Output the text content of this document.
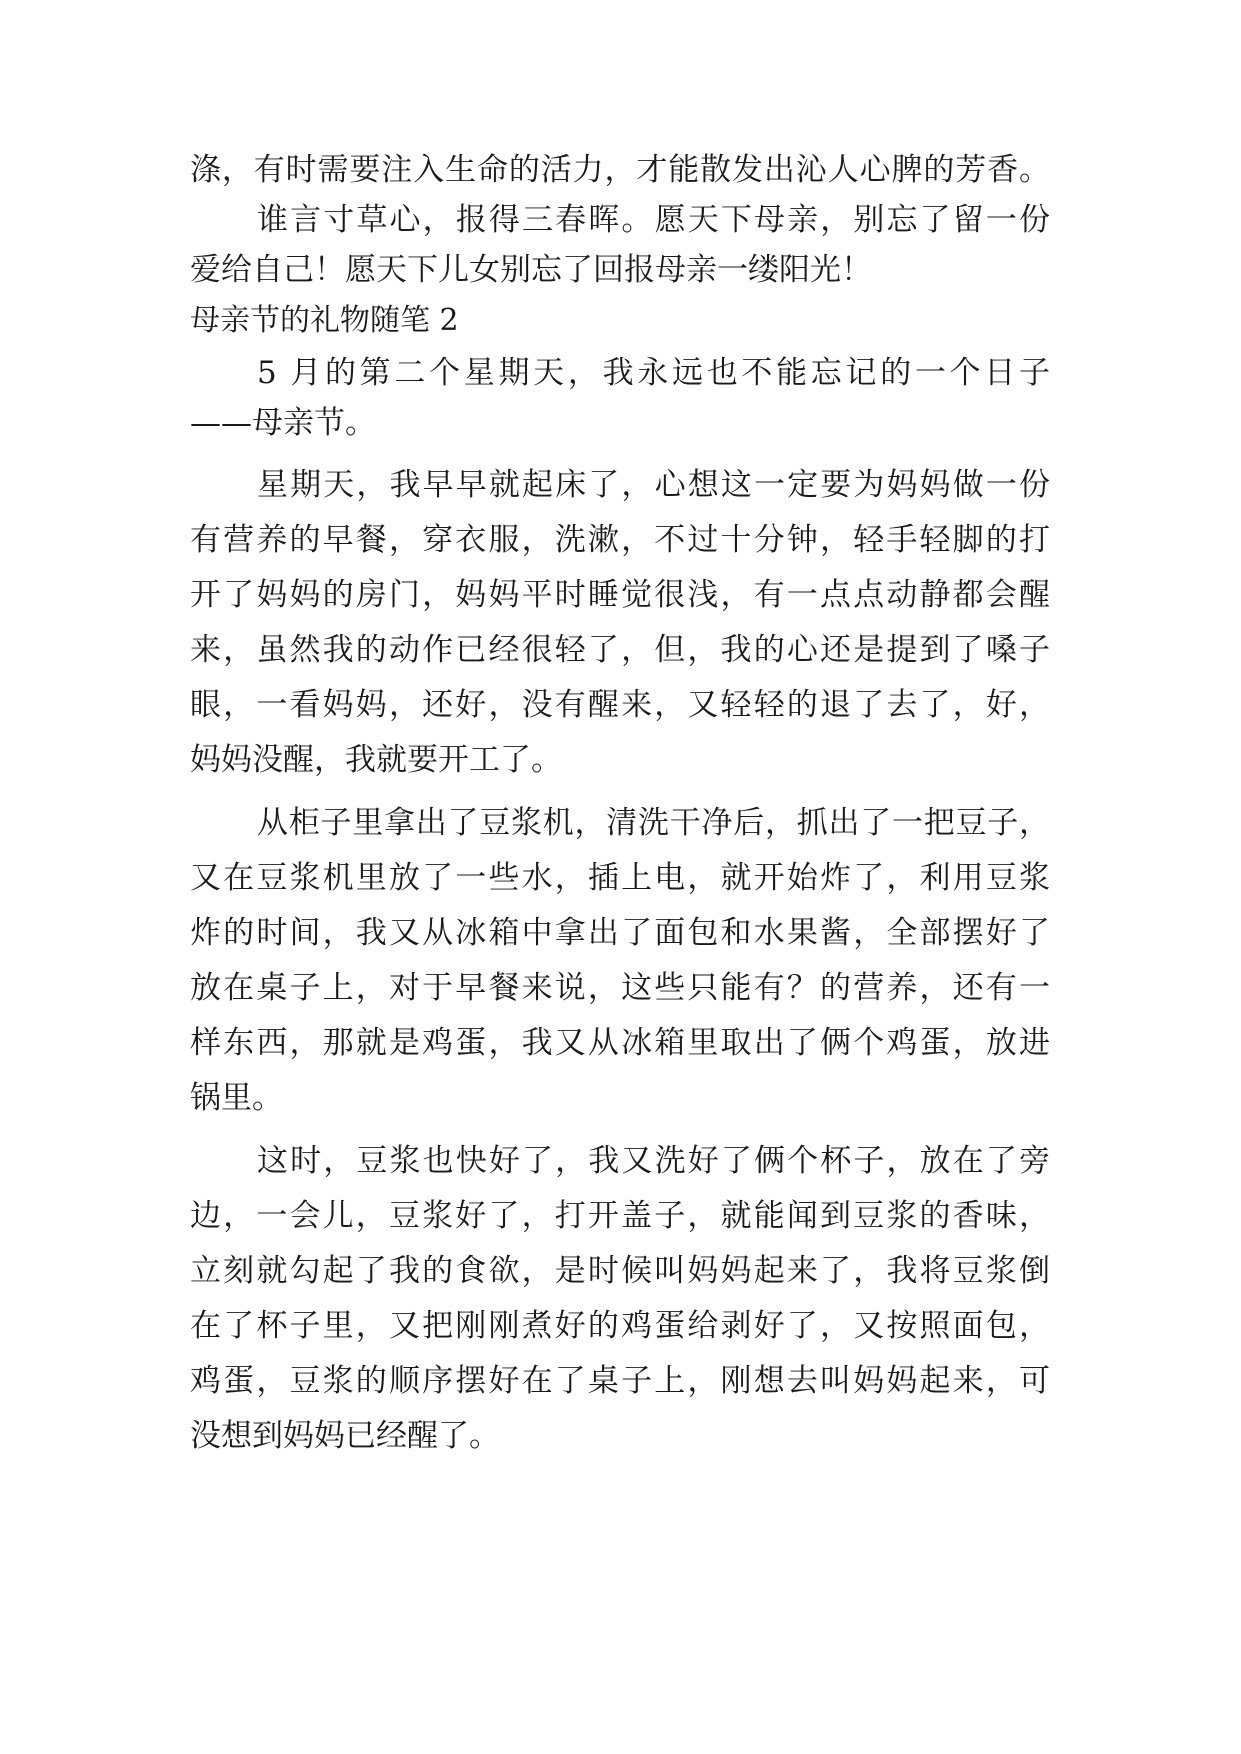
涤，有时需要注入生命的活力，才能散发出沁人心脾的芳香。
谁言寸草心，报得三春晖。愿天下母亲，别忘了留一份
爱给自己！愿天下儿女别忘了回报母亲一缕阳光！
母亲节的礼物随笔 2
5 月的第二个星期天，我永远也不能忘记的一个日子
——母亲节。
星期天，我早早就起床了，心想这一定要为妈妈做一份
有营养的早餐，穿衣服，洗漱，不过十分钟，轻手轻脚的打
开了妈妈的房门，妈妈平时睡觉很浅，有一点点动静都会醒
来，虽然我的动作已经很轻了，但，我的心还是提到了嗓子
眼，一看妈妈，还好，没有醒来，又轻轻的退了去了，好，
妈妈没醒，我就要开工了。
从柜子里拿出了豆浆机，清洗干净后，抓出了一把豆子，
又在豆浆机里放了一些水，插上电，就开始炸了，利用豆浆
炸的时间，我又从冰箱中拿出了面包和水果酱，全部摆好了
放在桌子上，对于早餐来说，这些只能有？的营养，还有一
样东西，那就是鸡蛋，我又从冰箱里取出了俩个鸡蛋，放进
锅里。
这时，豆浆也快好了，我又洗好了俩个杯子，放在了旁
边，一会儿，豆浆好了，打开盖子，就能闻到豆浆的香味，
立刻就勾起了我的食欲，是时候叫妈妈起来了，我将豆浆倒
在了杯子里，又把刚刚煮好的鸡蛋给剥好了，又按照面包，
鸡蛋，豆浆的顺序摆好在了桌子上，刚想去叫妈妈起来，可
没想到妈妈已经醒了。
